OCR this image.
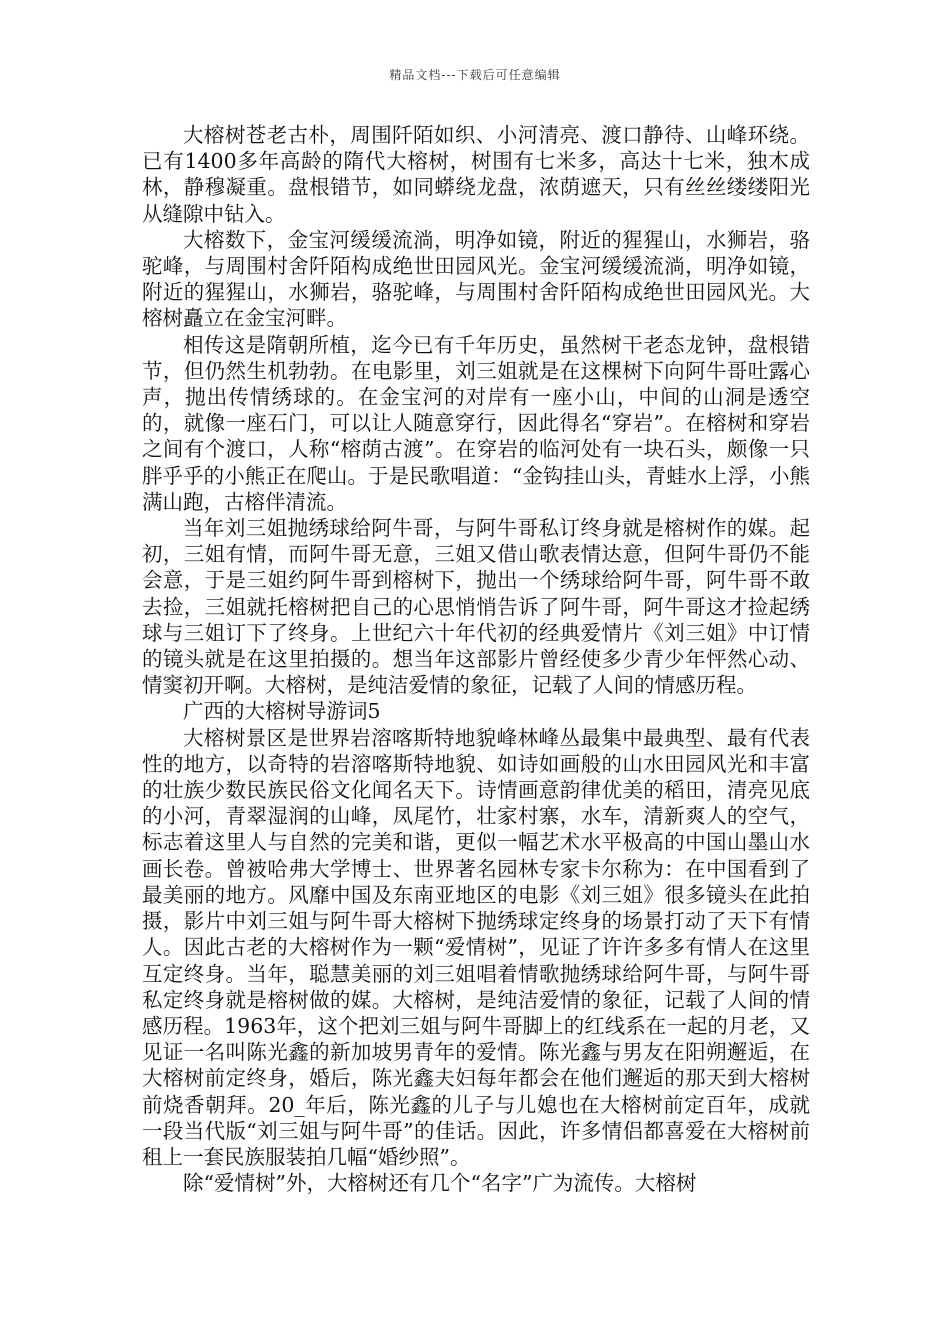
精品文档---下载后可任意编辑

大榕树苍老古朴，周围阡陌如织、小河清亮、渡口静待、山峰环绕。已有1400多年高龄的隋代大榕树，树围有七米多，高达十七米，独木成林，静穆凝重。盘根错节，如同蟒绕龙盘，浓荫遮天，只有丝丝缕缕阳光从缝隙中钻入。

大榕数下，金宝河缓缓流淌，明净如镜，附近的猩猩山，水狮岩，骆驼峰，与周围村舍阡陌构成绝世田园风光。金宝河缓缓流淌，明净如镜，附近的猩猩山，水狮岩，骆驼峰，与周围村舍阡陌构成绝世田园风光。大榕树矗立在金宝河畔。

相传这是隋朝所植，迄今已有千年历史，虽然树干老态龙钟，盘根错节，但仍然生机勃勃。在电影里，刘三姐就是在这棵树下向阿牛哥吐露心声，抛出传情绣球的。在金宝河的对岸有一座小山，中间的山洞是透空的，就像一座石门，可以让人随意穿行，因此得名“穿岩”。在榕树和穿岩之间有个渡口，人称“榕荫古渡”。在穿岩的临河处有一块石头，颇像一只胖乎乎的小熊正在爬山。于是民歌唱道：“金钩挂山头，青蛙水上浮，小熊满山跑，古榕伴清流。

当年刘三姐抛绣球给阿牛哥，与阿牛哥私订终身就是榕树作的媒。起初，三姐有情，而阿牛哥无意，三姐又借山歌表情达意，但阿牛哥仍不能会意，于是三姐约阿牛哥到榕树下，抛出一个绣球给阿牛哥，阿牛哥不敢去捡，三姐就托榕树把自己的心思悄悄告诉了阿牛哥，阿牛哥这才捡起绣球与三姐订下了终身。上世纪六十年代初的经典爱情片《刘三姐》中订情的镜头就是在这里拍摄的。想当年这部影片曾经使多少青少年怦然心动、情窦初开啊。大榕树，是纯洁爱情的象征，记载了人间的情感历程。

广西的大榕树导游词5

大榕树景区是世界岩溶喀斯特地貌峰林峰丛最集中最典型、最有代表性的地方，以奇特的岩溶喀斯特地貌、如诗如画般的山水田园风光和丰富的壮族少数民族民俗文化闻名天下。诗情画意韵律优美的稻田，清亮见底的小河，青翠湿润的山峰，凤尾竹，壮家村寨，水车，清新爽人的空气，标志着这里人与自然的完美和谐，更似一幅艺术水平极高的中国山墨山水画长卷。曾被哈弗大学博士、世界著名园林专家卡尔称为：在中国看到了最美丽的地方。风靡中国及东南亚地区的电影《刘三姐》很多镜头在此拍摄，影片中刘三姐与阿牛哥大榕树下抛绣球定终身的场景打动了天下有情人。因此古老的大榕树作为一颗“爱情树”，见证了许许多多有情人在这里互定终身。当年，聪慧美丽的刘三姐唱着情歌抛绣球给阿牛哥，与阿牛哥私定终身就是榕树做的媒。大榕树，是纯洁爱情的象征，记载了人间的情感历程。1963年，这个把刘三姐与阿牛哥脚上的红线系在一起的月老，又见证一名叫陈光鑫的新加坡男青年的爱情。陈光鑫与男友在阳朔邂逅，在大榕树前定终身，婚后，陈光鑫夫妇每年都会在他们邂逅的那天到大榕树前烧香朝拜。20_年后，陈光鑫的儿子与儿媳也在大榕树前定百年，成就一段当代版“刘三姐与阿牛哥”的佳话。因此，许多情侣都喜爱在大榕树前租上一套民族服装拍几幅“婚纱照”。

除“爱情树”外，大榕树还有几个“名字”广为流传。大榕树
